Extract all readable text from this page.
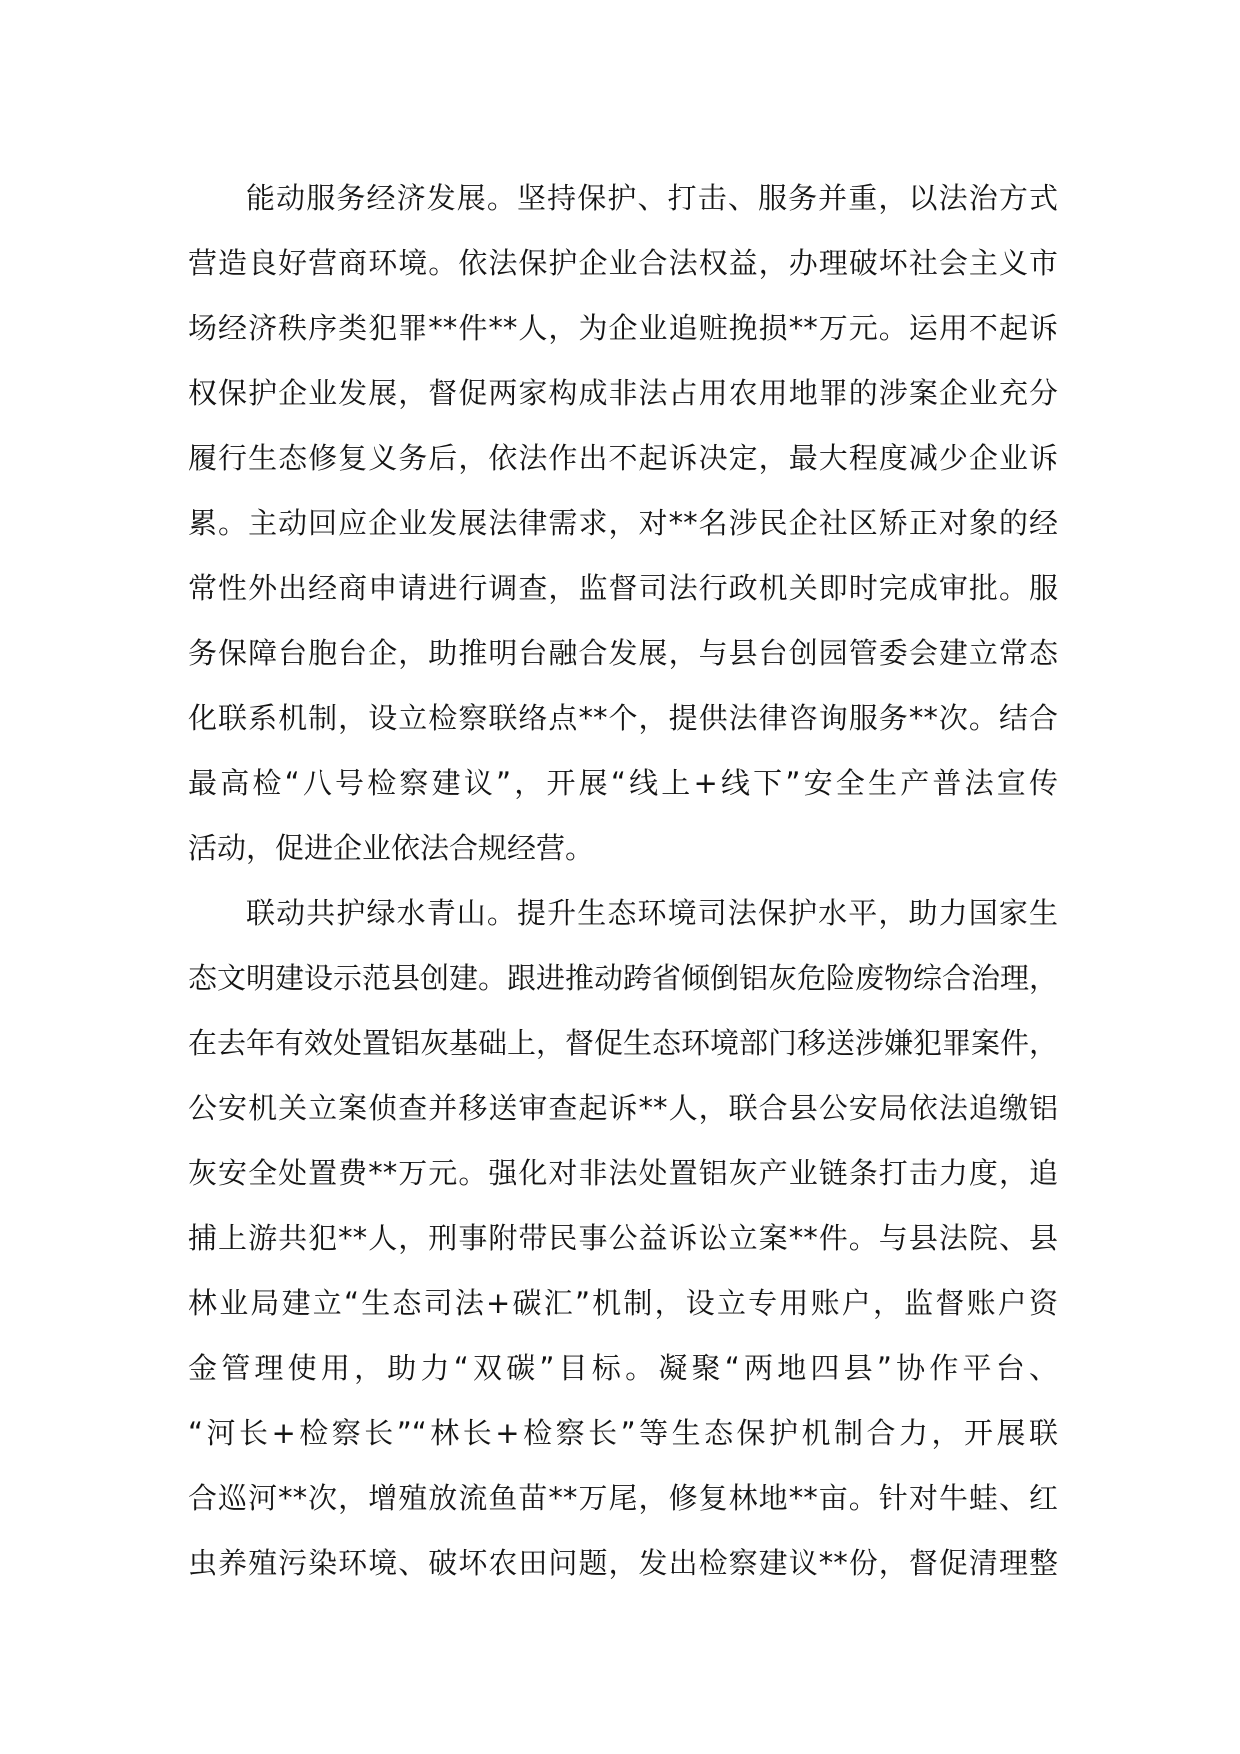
能动服务经济发展。坚持保护、打击、服务并重，以法治方式
营造良好营商环境。依法保护企业合法权益，办理破坏社会主义市
场经济秩序类犯罪**件**人，为企业追赃挽损**万元。运用不起诉
权保护企业发展，督促两家构成非法占用农用地罪的涉案企业充分
履行生态修复义务后，依法作出不起诉决定，最大程度减少企业诉
累。主动回应企业发展法律需求，对**名涉民企社区矫正对象的经
常性外出经商申请进行调查，监督司法行政机关即时完成审批。服
务保障台胞台企，助推明台融合发展，与县台创园管委会建立常态
化联系机制，设立检察联络点**个，提供法律咨询服务**次。结合
最高检“八号检察建议”，开展“线上+线下”安全生产普法宣传
活动，促进企业依法合规经营。
联动共护绿水青山。提升生态环境司法保护水平，助力国家生
态文明建设示范县创建。跟进推动跨省倾倒铝灰危险废物综合治理，
在去年有效处置铝灰基础上，督促生态环境部门移送涉嫌犯罪案件，
公安机关立案侦查并移送审查起诉**人，联合县公安局依法追缴铝
灰安全处置费**万元。强化对非法处置铝灰产业链条打击力度，追
捕上游共犯**人，刑事附带民事公益诉讼立案**件。与县法院、县
林业局建立“生态司法+碳汇”机制，设立专用账户，监督账户资
金管理使用，助力“双碳”目标。凝聚“两地四县”协作平台、
“河长+检察长”“林长+检察长”等生态保护机制合力，开展联
合巡河**次，增殖放流鱼苗**万尾，修复林地**亩。针对牛蛙、红
虫养殖污染环境、破坏农田问题，发出检察建议**份，督促清理整
